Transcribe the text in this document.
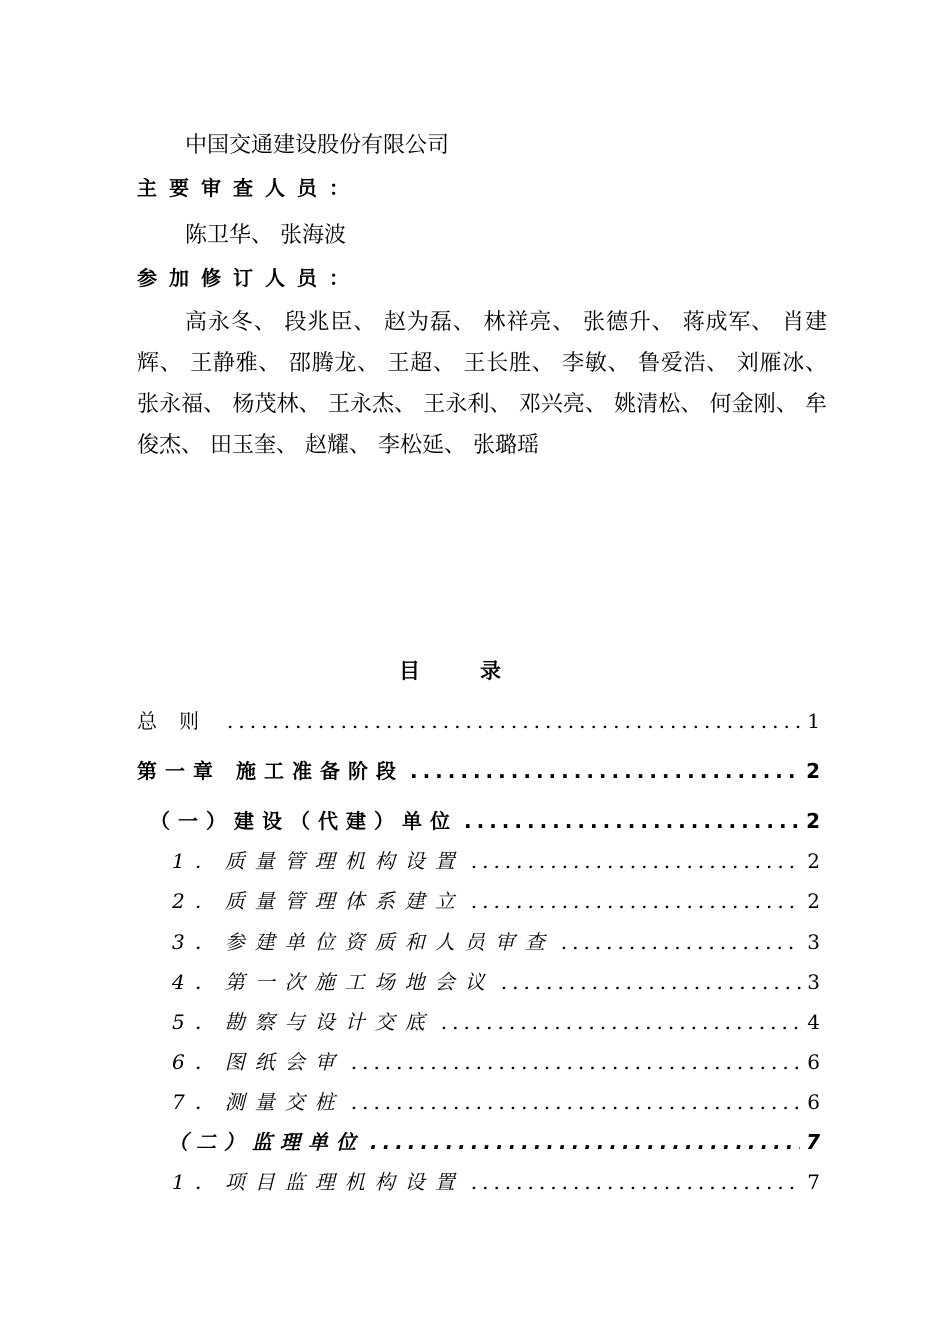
中国交通建设股份有限公司
主要审查人员：
陈卫华、 张海波
参加修订人员：
高永冬、 段兆臣、 赵为磊、 林祥亮、 张德升、 蒋成军、 肖建辉、 王静雅、 邵腾龙、 王超、 王长胜、 李敏、 鲁爱浩、 刘雁冰、 张永福、 杨茂林、 王永杰、 王永利、 邓兴亮、 姚清松、 何金刚、 牟俊杰、 田玉奎、 赵耀、 李松延、 张璐瑶
目录
总则 .....	1
第一章 施工准备阶段 .....	2
（一）建设（代建）单位 .....	2
1．质量管理机构设置 .....	2
2．质量管理体系建立 .....	2
3．参建单位资质和人员审查 .....	3
4．第一次施工场地会议 .....	3
5．勘察与设计交底 .....	4
6．图纸会审 .....	6
7．测量交桩 .....	6
（二）监理单位 .....	7
1．项目监理机构设置 .....	7
